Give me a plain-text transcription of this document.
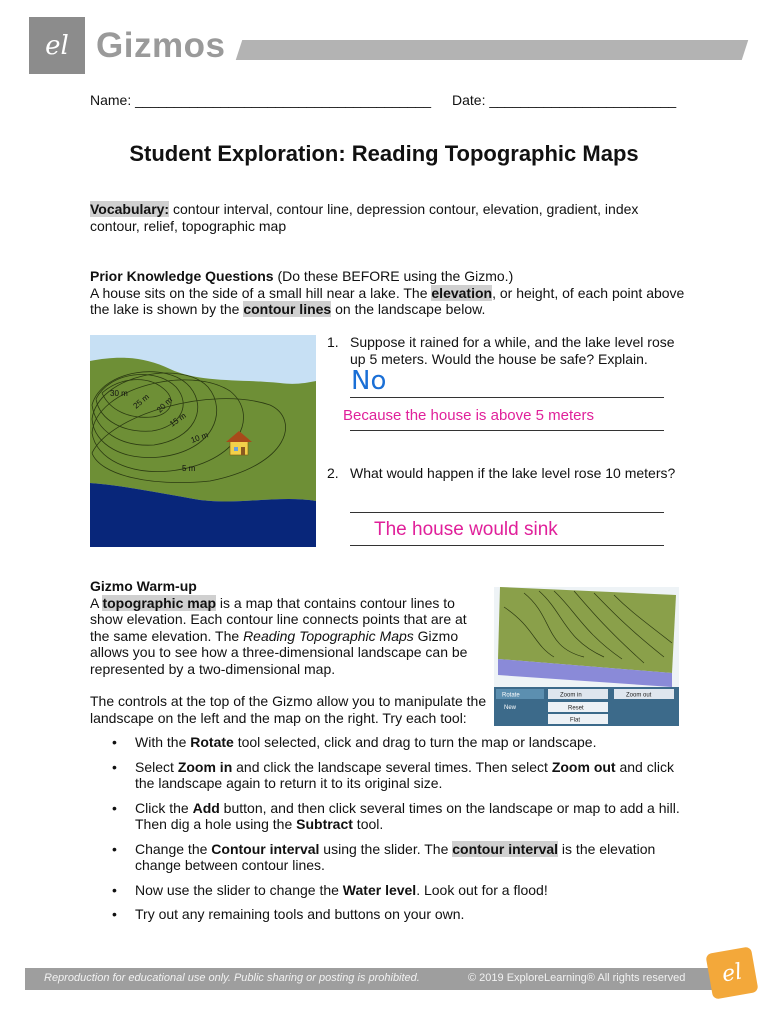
el Gizmos
Name: ______________________________________ Date: ________________________
Student Exploration: Reading Topographic Maps
Vocabulary: contour interval, contour line, depression contour, elevation, gradient, index contour, relief, topographic map
Prior Knowledge Questions (Do these BEFORE using the Gizmo.)
A house sits on the side of a small hill near a lake. The elevation, or height, of each point above the lake is shown by the contour lines on the landscape below.
30 m 25 m 20 m
15 m
10 m
5 m
1. Suppose it rained for a while, and the lake level rose up 5 meters. Would the house be safe? Explain.
No
Because the house is above 5 meters
2. What would happen if the lake level rose 10 meters?
The house would sink
Gizmo Warm-up
A topographic map is a map that contains contour lines to show elevation. Each contour line connects points that are at the same elevation. The Reading Topographic Maps Gizmo allows you to see how a three-dimensional landscape can be represented by a two-dimensional map.
The controls at the top of the Gizmo allow you to manipulate the landscape on the left and the map on the right. Try each tool:
Rotate	Zoom in	Zoom out
New	Reset
Flat
• With the Rotate tool selected, click and drag to turn the map or landscape.
• Select Zoom in and click the landscape several times. Then select Zoom out and click the landscape again to return it to its original size.
• Click the Add button, and then click several times on the landscape or map to add a hill. Then dig a hole using the Subtract tool.
• Change the Contour interval using the slider. The contour interval is the elevation change between contour lines.
• Now use the slider to change the Water level. Look out for a flood!
• Try out any remaining tools and buttons on your own.
Reproduction for educational use only. Public sharing or posting is prohibited.	© 2019 ExploreLearning® All rights reserved el
